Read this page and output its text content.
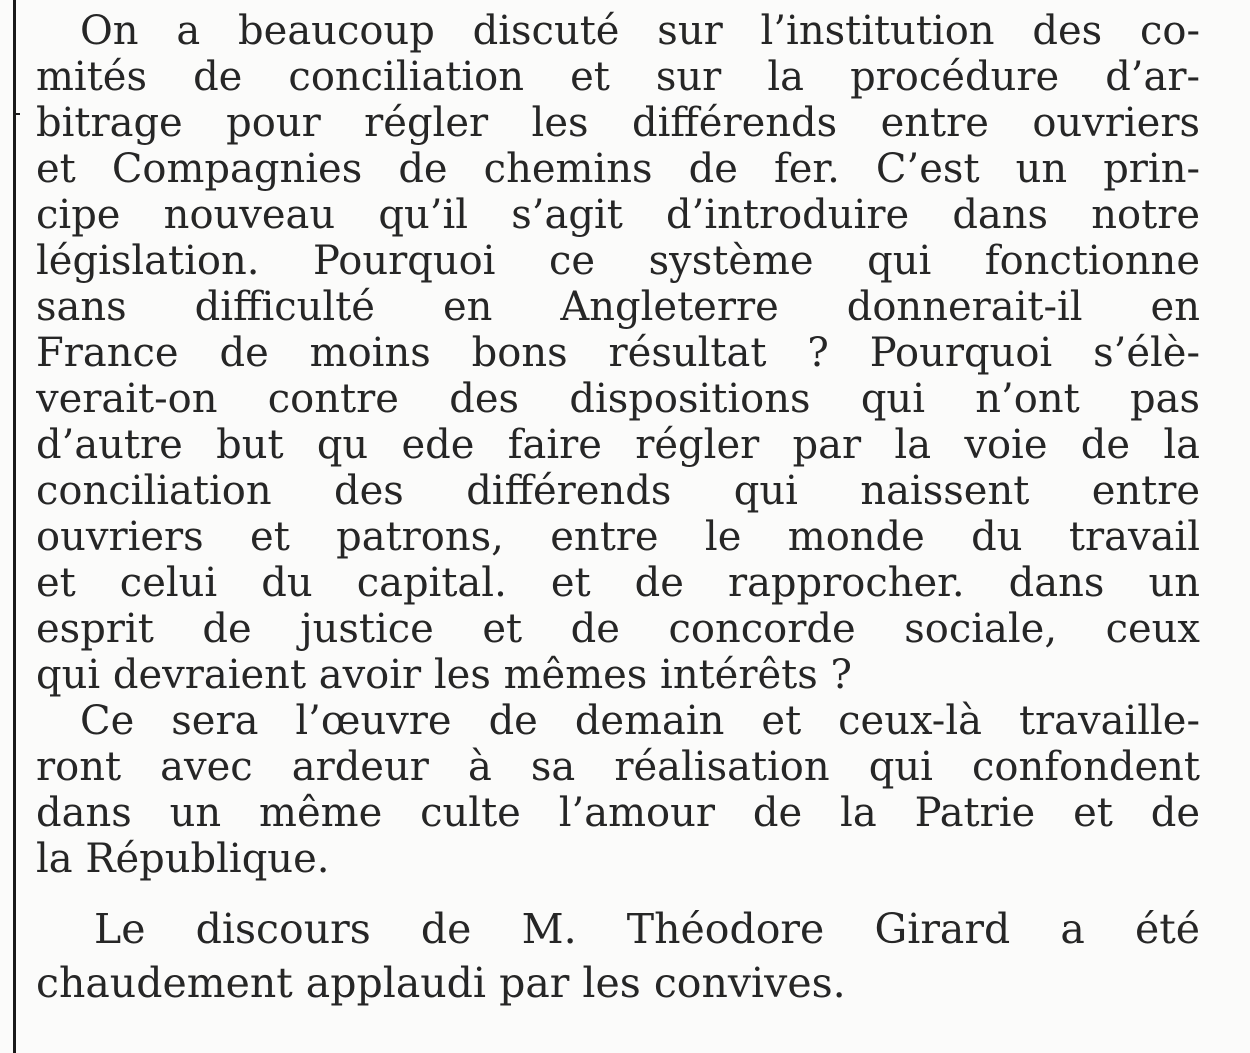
On a beaucoup discuté sur l’institution des co-
mités de conciliation et sur la procédure d’ar-
bitrage pour régler les différends entre ouvriers
et Compagnies de chemins de fer. C’est un prin-
cipe nouveau qu’il s’agit d’introduire dans notre
législation. Pourquoi ce système qui fonctionne
sans difficulté en Angleterre donnerait-il en
France de moins bons résultat ? Pourquoi s’élè-
verait-on contre des dispositions qui n’ont pas
d’autre but qu ede faire régler par la voie de la
conciliation des différends qui naissent entre
ouvriers et patrons, entre le monde du travail
et celui du capital. et de rapprocher. dans un
esprit de justice et de concorde sociale, ceux
qui devraient avoir les mêmes intérêts ?
Ce sera l’œuvre de demain et ceux-là travaille-
ront avec ardeur à sa réalisation qui confondent
dans un même culte l’amour de la Patrie et de
la République.
Le discours de M. Théodore Girard a été
chaudement applaudi par les convives.
